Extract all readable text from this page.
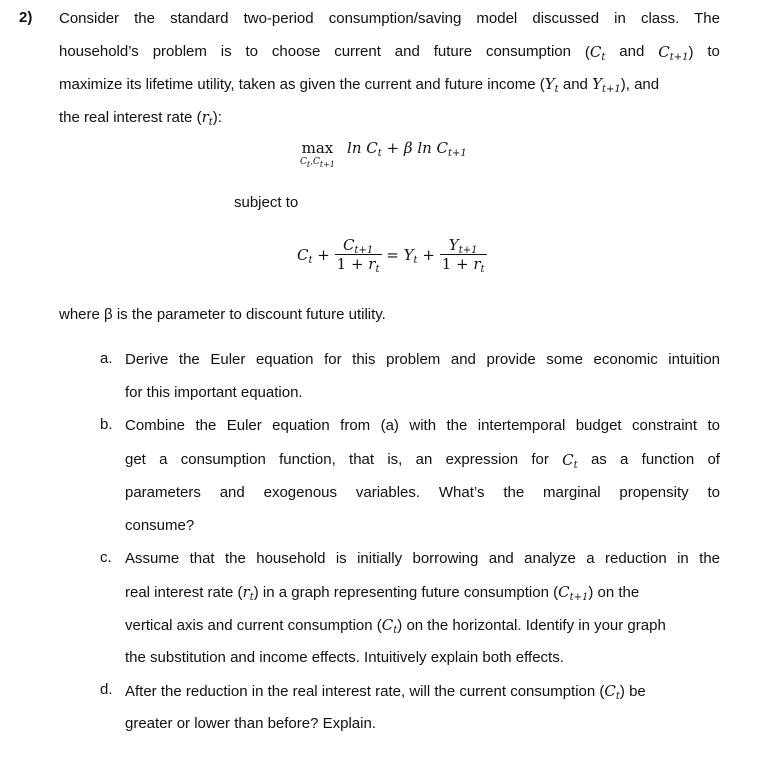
2) Consider the standard two-period consumption/saving model discussed in class. The
household’s problem is to choose current and future consumption ($C_t$ and $C_{t+1}$) to
maximize its lifetime utility, taken as given the current and future income ($Y_t$ and $Y_{t+1}$), and
the real interest rate $(r_t)$:
max
$C_t,C_{t+1}$
$\ln C_t + \beta$ $\ln C_{t+1}$
subject to
$C_t + \frac{C_{t+1}}{1 + r_t} = Y_t + \frac{Y_{t+1}}{1 + r_t}$
where β is the parameter to discount future utility.
a. Derive the Euler equation for this problem and provide some economic intuition
for this important equation.
b. Combine the Euler equation from (a) with the intertemporal budget constraint to
get a consumption function, that is, an expression for $C_t$ as a function of
parameters and exogenous variables. What’s the marginal propensity to
consume?
c. Assume that the household is initially borrowing and analyze a reduction in the
real interest rate $(r_t)$ in a graph representing future consumption $(C_{t+1})$ on the
vertical axis and current consumption $(C_t)$ on the horizontal. Identify in your graph
the substitution and income effects. Intuitively explain both effects.
d. After the reduction in the real interest rate, will the current consumption $(C_t)$ be
greater or lower than before? Explain.
